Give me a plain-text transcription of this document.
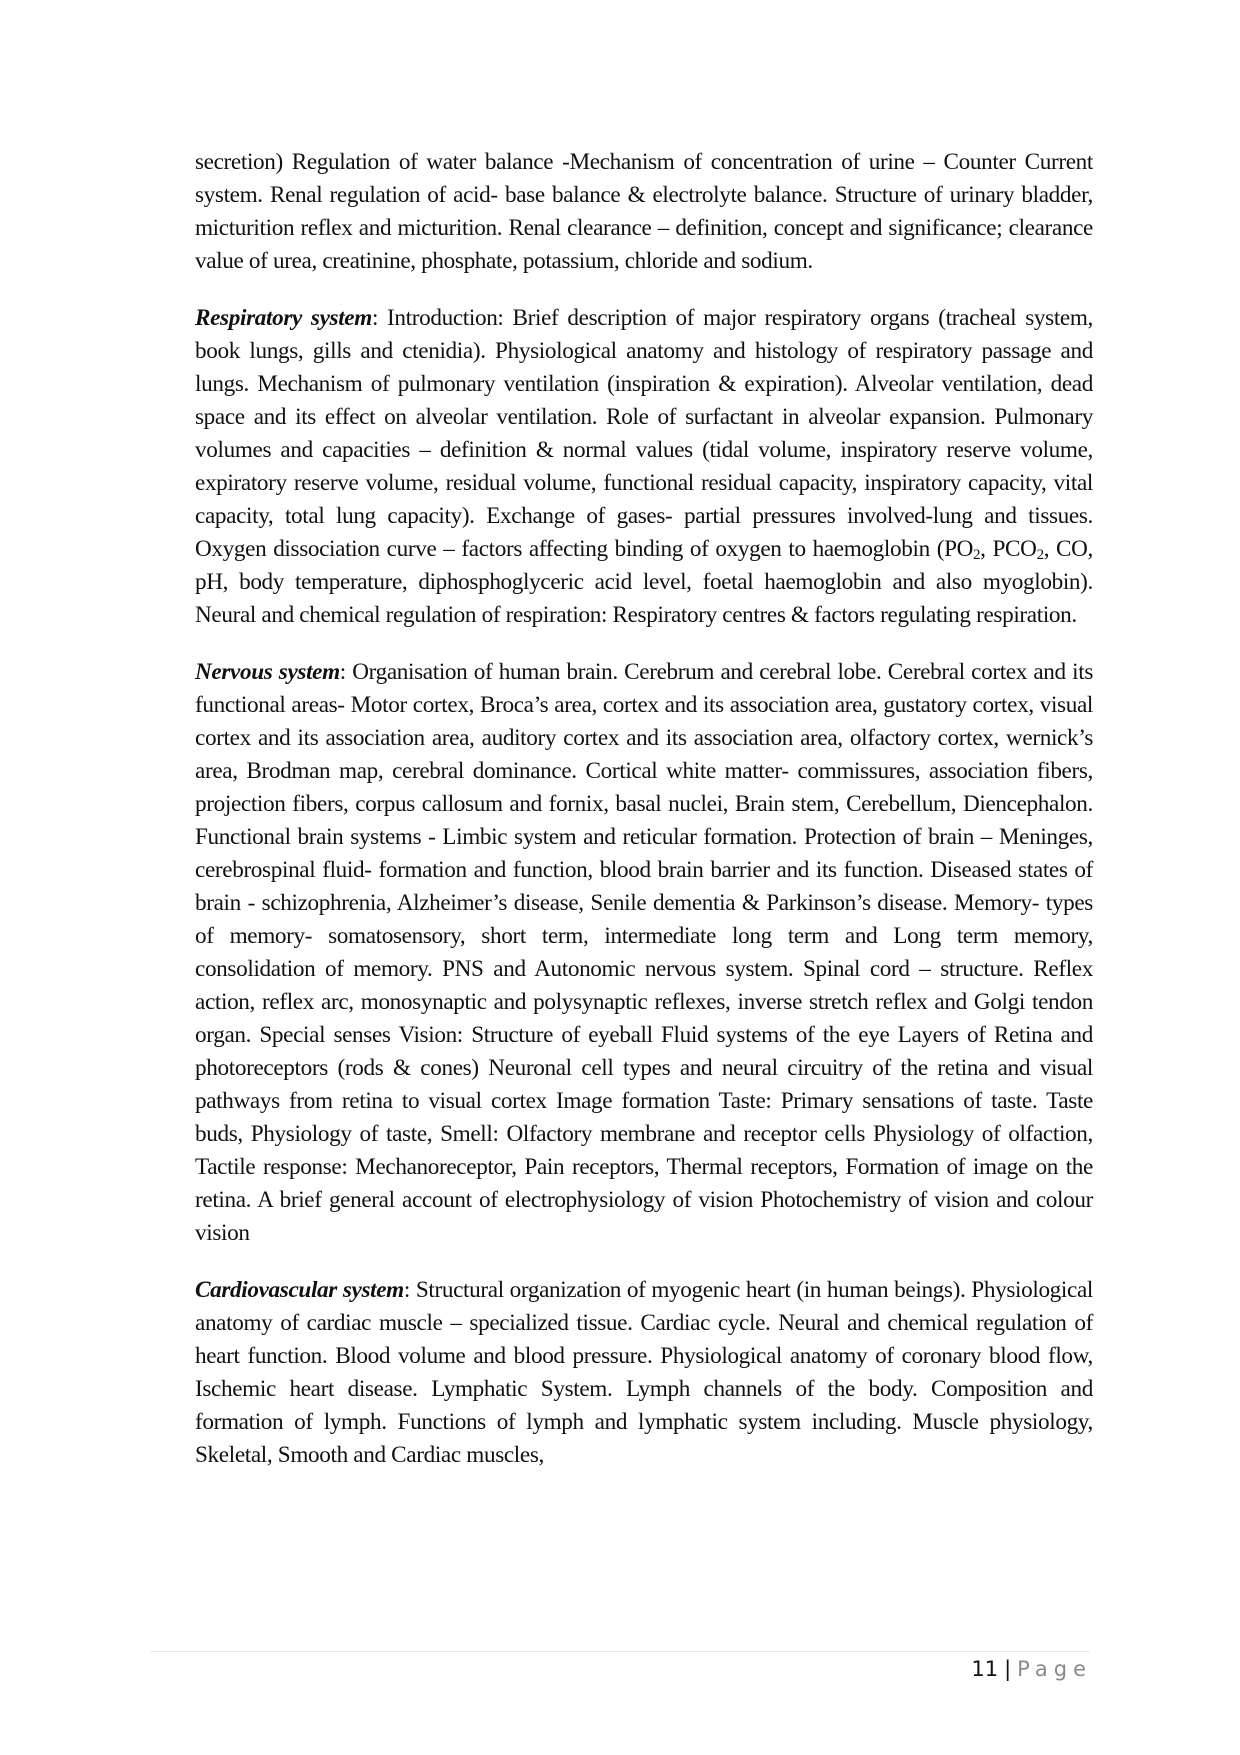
secretion) Regulation of water balance -Mechanism of concentration of urine – Counter Current system. Renal regulation of acid- base balance & electrolyte balance. Structure of urinary bladder, micturition reflex and micturition. Renal clearance – definition, concept and significance; clearance value of urea, creatinine, phosphate, potassium, chloride and sodium.

Respiratory system: Introduction: Brief description of major respiratory organs (tracheal system, book lungs, gills and ctenidia). Physiological anatomy and histology of respiratory passage and lungs. Mechanism of pulmonary ventilation (inspiration & expiration). Alveolar ventilation, dead space and its effect on alveolar ventilation. Role of surfactant in alveolar expansion. Pulmonary volumes and capacities – definition & normal values (tidal volume, inspiratory reserve volume, expiratory reserve volume, residual volume, functional residual capacity, inspiratory capacity, vital capacity, total lung capacity). Exchange of gases- partial pressures involved-lung and tissues. Oxygen dissociation curve – factors affecting binding of oxygen to haemoglobin ($PO_2$, $PCO_2$, CO, pH, body temperature, diphosphoglyceric acid level, foetal haemoglobin and also myoglobin). Neural and chemical regulation of respiration: Respiratory centres & factors regulating respiration.

Nervous system: Organisation of human brain. Cerebrum and cerebral lobe. Cerebral cortex and its functional areas- Motor cortex, Broca’s area, cortex and its association area, gustatory cortex, visual cortex and its association area, auditory cortex and its association area, olfactory cortex, wernick’s area, Brodman map, cerebral dominance. Cortical white matter- commissures, association fibers, projection fibers, corpus callosum and fornix, basal nuclei, Brain stem, Cerebellum, Diencephalon. Functional brain systems - Limbic system and reticular formation. Protection of brain – Meninges, cerebrospinal fluid- formation and function, blood brain barrier and its function. Diseased states of brain - schizophrenia, Alzheimer’s disease, Senile dementia & Parkinson’s disease. Memory- types of memory- somatosensory, short term, intermediate long term and Long term memory, consolidation of memory. PNS and Autonomic nervous system. Spinal cord – structure. Reflex action, reflex arc, monosynaptic and polysynaptic reflexes, inverse stretch reflex and Golgi tendon organ. Special senses Vision: Structure of eyeball Fluid systems of the eye Layers of Retina and photoreceptors (rods & cones) Neuronal cell types and neural circuitry of the retina and visual pathways from retina to visual cortex Image formation Taste: Primary sensations of taste. Taste buds, Physiology of taste, Smell: Olfactory membrane and receptor cells Physiology of olfaction, Tactile response: Mechanoreceptor, Pain receptors, Thermal receptors, Formation of image on the retina. A brief general account of electrophysiology of vision Photochemistry of vision and colour vision

Cardiovascular system: Structural organization of myogenic heart (in human beings). Physiological anatomy of cardiac muscle – specialized tissue. Cardiac cycle. Neural and chemical regulation of heart function. Blood volume and blood pressure. Physiological anatomy of coronary blood flow, Ischemic heart disease. Lymphatic System. Lymph channels of the body. Composition and formation of lymph. Functions of lymph and lymphatic system including. Muscle physiology, Skeletal, Smooth and Cardiac muscles,

11 | Page
